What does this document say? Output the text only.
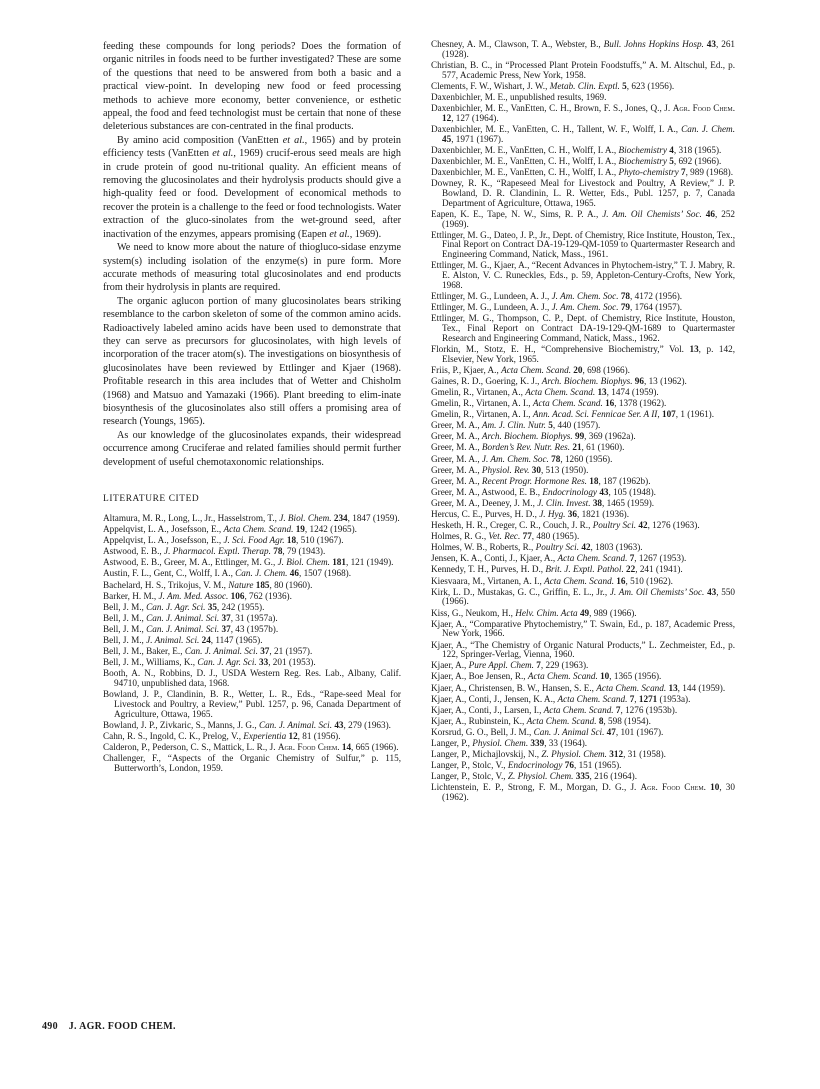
feeding these compounds for long periods? Does the formation of organic nitriles in foods need to be further investigated? These are some of the questions that need to be answered from both a basic and a practical view-point. In developing new food or feed processing methods to achieve more economy, better convenience, or esthetic appeal, the food and feed technologist must be certain that none of these deleterious substances are con-centrated in the final products.

By amino acid composition (VanEtten et al., 1965) and by protein efficiency tests (VanEtten et al., 1969) crucif-erous seed meals are high in crude protein of good nu-tritional quality. An efficient means of removing the glucosinolates and their hydrolysis products should give a high-quality feed or food. Development of economical methods to recover the protein is a challenge to the feed or food technologists. Water extraction of the gluco-sinolates from the wet-ground seed, after inactivation of the enzymes, appears promising (Eapen et al., 1969).

We need to know more about the nature of thiogluco-sidase enzyme system(s) including isolation of the enzyme(s) in pure form. More accurate methods of measuring total glucosinolates and end products from their hydrolysis in plants are required.

The organic aglucon portion of many glucosinolates bears striking resemblance to the carbon skeleton of some of the common amino acids. Radioactively labeled amino acids have been used to demonstrate that they can serve as precursors for glucosinolates, with high levels of incorporation of the tracer atom(s). The investigations on biosynthesis of glucosinolates have been reviewed by Ettlinger and Kjaer (1968). Profitable research in this area includes that of Wetter and Chisholm (1968) and Matsuo and Yamazaki (1966). Plant breeding to elim-inate biosynthesis of the glucosinolates also still offers a promising area of research (Youngs, 1965).

As our knowledge of the glucosinolates expands, their widespread occurrence among Cruciferae and related families should permit further development of useful chemotaxonomic relationships.

LITERATURE CITED
Altamura, M. R., Long, L., Jr., Hasselstrom, T., J. Biol. Chem. 234, 1847 (1959).
Appelqvist, L. A., Josefsson, E., Acta Chem. Scand. 19, 1242 (1965).
Appelqvist, L. A., Josefsson, E., J. Sci. Food Agr. 18, 510 (1967).
Astwood, E. B., J. Pharmacol. Exptl. Therap. 78, 79 (1943).
Astwood, E. B., Greer, M. A., Ettlinger, M. G., J. Biol. Chem. 181, 121 (1949).
Austin, F. L., Gent, C., Wolff, I. A., Can. J. Chem. 46, 1507 (1968).
Bachelard, H. S., Trikojus, V. M., Nature 185, 80 (1960).
Barker, H. M., J. Am. Med. Assoc. 106, 762 (1936).
Bell, J. M., Can. J. Agr. Sci. 35, 242 (1955).
Bell, J. M., Can. J. Animal. Sci. 37, 31 (1957a).
Bell, J. M., Can. J. Animal. Sci. 37, 43 (1957b).
Bell, J. M., J. Animal. Sci. 24, 1147 (1965).
Bell, J. M., Baker, E., Can. J. Animal. Sci. 37, 21 (1957).
Bell, J. M., Williams, K., Can. J. Agr. Sci. 33, 201 (1953).
Booth, A. N., Robbins, D. J., USDA Western Reg. Res. Lab., Albany, Calif. 94710, unpublished data, 1968.
Bowland, J. P., Clandinin, B. R., Wetter, L. R., Eds., “Rape-seed Meal for Livestock and Poultry, a Review,” Publ. 1257, p. 96, Canada Department of Agriculture, Ottawa, 1965.
Bowland, J. P., Zivkaric, S., Manns, J. G., Can. J. Animal. Sci. 43, 279 (1963).
Cahn, R. S., Ingold, C. K., Prelog, V., Experientia 12, 81 (1956).
Calderon, P., Pederson, C. S., Mattick, L. R., J. Agr. Food Chem. 14, 665 (1966).
Challenger, F., “Aspects of the Organic Chemistry of Sulfur,” p. 115, Butterworth’s, London, 1959.
Chesney, A. M., Clawson, T. A., Webster, B., Bull. Johns Hopkins Hosp. 43, 261 (1928).
Christian, B. C., in “Processed Plant Protein Foodstuffs,” A. M. Altschul, Ed., p. 577, Academic Press, New York, 1958.
Clements, F. W., Wishart, J. W., Metab. Clin. Exptl. 5, 623 (1956).
Daxenbichler, M. E., unpublished results, 1969.
Daxenbichler, M. E., VanEtten, C. H., Brown, F. S., Jones, Q., J. Agr. Food Chem. 12, 127 (1964).
Daxenbichler, M. E., VanEtten, C. H., Tallent, W. F., Wolff, I. A., Can. J. Chem. 45, 1971 (1967).
Daxenbichler, M. E., VanEtten, C. H., Wolff, I. A., Biochemistry 4, 318 (1965).
Daxenbichler, M. E., VanEtten, C. H., Wolff, I. A., Biochemistry 5, 692 (1966).
Daxenbichler, M. E., VanEtten, C. H., Wolff, I. A., Phyto-chemistry 7, 989 (1968).
Downey, R. K., “Rapeseed Meal for Livestock and Poultry, A Review,” J. P. Bowland, D. R. Clandinin, L. R. Wetter, Eds., Publ. 1257, p. 7, Canada Department of Agriculture, Ottawa, 1965.
Eapen, K. E., Tape, N. W., Sims, R. P. A., J. Am. Oil Chemists’ Soc. 46, 252 (1969).
Ettlinger, M. G., Dateo, J. P., Jr., Dept. of Chemistry, Rice Institute, Houston, Tex., Final Report on Contract DA-19-129-QM-1059 to Quartermaster Research and Engineering Command, Natick, Mass., 1961.
Ettlinger, M. G., Kjaer, A., “Recent Advances in Phytochem-istry,” T. J. Mabry, R. E. Alston, V. C. Runeckles, Eds., p. 59, Appleton-Century-Crofts, New York, 1968.
Ettlinger, M. G., Lundeen, A. J., J. Am. Chem. Soc. 78, 4172 (1956).
Ettlinger, M. G., Lundeen, A. J., J. Am. Chem. Soc. 79, 1764 (1957).
Ettlinger, M. G., Thompson, C. P., Dept. of Chemistry, Rice Institute, Houston, Tex., Final Report on Contract DA-19-129-QM-1689 to Quartermaster Research and Engineering Command, Natick, Mass., 1962.
Florkin, M., Stotz, E. H., “Comprehensive Biochemistry,” Vol. 13, p. 142, Elsevier, New York, 1965.
Friis, P., Kjaer, A., Acta Chem. Scand. 20, 698 (1966).
Gaines, R. D., Goering, K. J., Arch. Biochem. Biophys. 96, 13 (1962).
Gmelin, R., Virtanen, A., Acta Chem. Scand. 13, 1474 (1959).
Gmelin, R., Virtanen, A. I., Acta Chem. Scand. 16, 1378 (1962).
Gmelin, R., Virtanen, A. I., Ann. Acad. Sci. Fennicae Ser. A II, 107, 1 (1961).
Greer, M. A., Am. J. Clin. Nutr. 5, 440 (1957).
Greer, M. A., Arch. Biochem. Biophys. 99, 369 (1962a).
Greer, M. A., Borden’s Rev. Nutr. Res. 21, 61 (1960).
Greer, M. A., J. Am. Chem. Soc. 78, 1260 (1956).
Greer, M. A., Physiol. Rev. 30, 513 (1950).
Greer, M. A., Recent Progr. Hormone Res. 18, 187 (1962b).
Greer, M. A., Astwood, E. B., Endocrinology 43, 105 (1948).
Greer, M. A., Deeney, J. M., J. Clin. Invest. 38, 1465 (1959).
Hercus, C. E., Purves, H. D., J. Hyg. 36, 1821 (1936).
Hesketh, H. R., Creger, C. R., Couch, J. R., Poultry Sci. 42, 1276 (1963).
Holmes, R. G., Vet. Rec. 77, 480 (1965).
Holmes, W. B., Roberts, R., Poultry Sci. 42, 1803 (1963).
Jensen, K. A., Conti, J., Kjaer, A., Acta Chem. Scand. 7, 1267 (1953).
Kennedy, T. H., Purves, H. D., Brit. J. Exptl. Pathol. 22, 241 (1941).
Kiesvaara, M., Virtanen, A. I., Acta Chem. Scand. 16, 510 (1962).
Kirk, L. D., Mustakas, G. C., Griffin, E. L., Jr., J. Am. Oil Chemists’ Soc. 43, 550 (1966).
Kiss, G., Neukom, H., Helv. Chim. Acta 49, 989 (1966).
Kjaer, A., “Comparative Phytochemistry,” T. Swain, Ed., p. 187, Academic Press, New York, 1966.
Kjaer, A., “The Chemistry of Organic Natural Products,” L. Zechmeister, Ed., p. 122, Springer-Verlag, Vienna, 1960.
Kjaer, A., Pure Appl. Chem. 7, 229 (1963).
Kjaer, A., Boe Jensen, R., Acta Chem. Scand. 10, 1365 (1956).
Kjaer, A., Christensen, B. W., Hansen, S. E., Acta Chem. Scand. 13, 144 (1959).
Kjaer, A., Conti, J., Jensen, K. A., Acta Chem. Scand. 7, 1271 (1953a).
Kjaer, A., Conti, J., Larsen, I., Acta Chem. Scand. 7, 1276 (1953b).
Kjaer, A., Rubinstein, K., Acta Chem. Scand. 8, 598 (1954).
Korsrud, G. O., Bell, J. M., Can. J. Animal Sci. 47, 101 (1967).
Langer, P., Physiol. Chem. 339, 33 (1964).
Langer, P., Michajlovskij, N., Z. Physiol. Chem. 312, 31 (1958).
Langer, P., Stolc, V., Endocrinology 76, 151 (1965).
Langer, P., Stolc, V., Z. Physiol. Chem. 335, 216 (1964).
Lichtenstein, E. P., Strong, F. M., Morgan, D. G., J. Agr. Food Chem. 10, 30 (1962).
490 J. AGR. FOOD CHEM.
